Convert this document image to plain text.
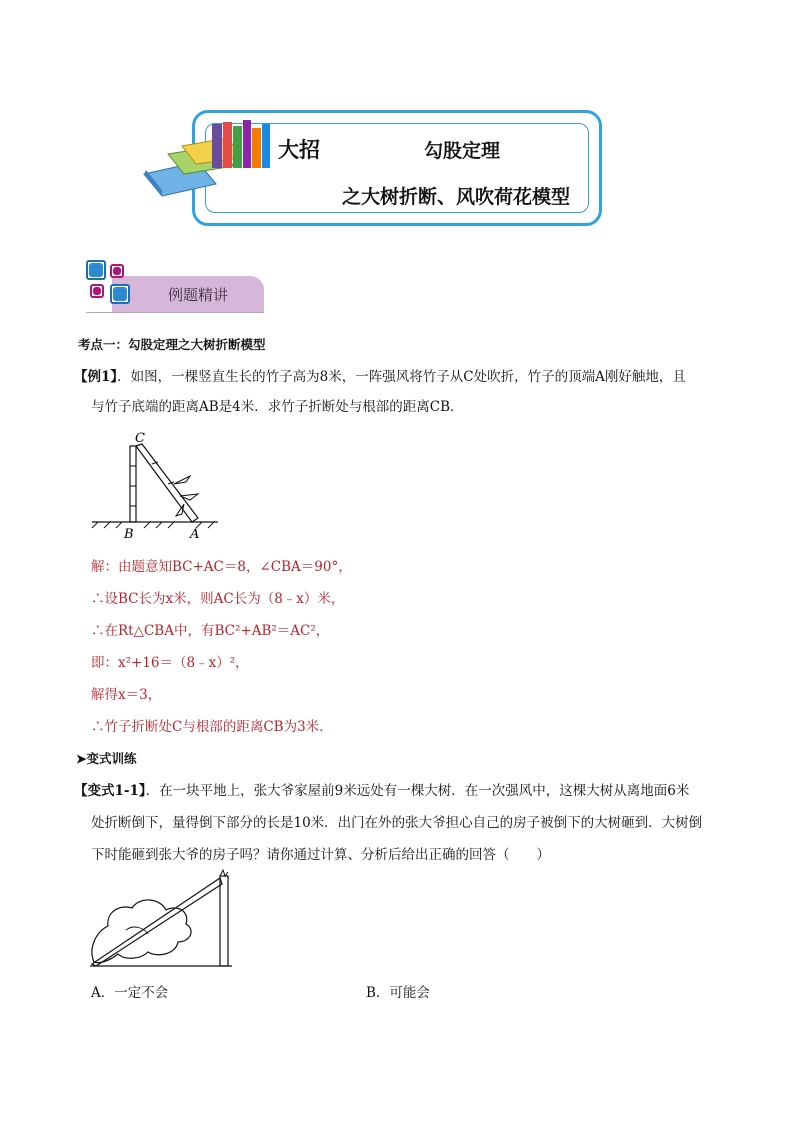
大招	勾股定理
之大树折断、风吹荷花模型
例题精讲
考点一：勾股定理之大树折断模型
【例1】．如图，一棵竖直生长的竹子高为8米，一阵强风将竹子从C处吹折，竹子的顶端A刚好触地，且
与竹子底端的距离AB是4米．求竹子折断处与根部的距离CB．
C
B	A
解：由题意知BC+AC＝8，∠CBA＝90°，
∴设BC长为x米，则AC长为（8﹣x）米，
∴在Rt△CBA中，有BC²+AB²＝AC²，
即：x²+16＝（8﹣x）²，
解得x＝3，
∴竹子折断处C与根部的距离CB为3米．
➤变式训练
【变式1-1】．在一块平地上，张大爷家屋前9米远处有一棵大树．在一次强风中，这棵大树从离地面6米
处折断倒下，量得倒下部分的长是10米．出门在外的张大爷担心自己的房子被倒下的大树砸到．大树倒
下时能砸到张大爷的房子吗？请你通过计算、分析后给出正确的回答（　　）
A．一定不会	B．可能会
